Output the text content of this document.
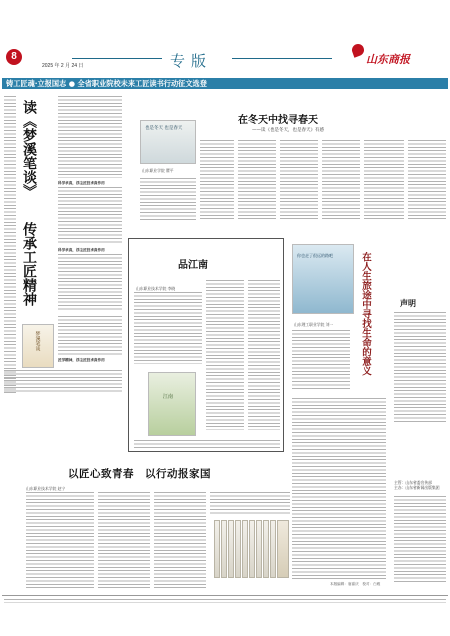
8
2025 年 2 月 24 日	专版	山东商报
铸工匠魂·立报国志 ● 全省职业院校未来工匠读书行动征文选登
读《梦溪笔谈》
传承工匠精神
科学求真，浮尘匠技求真作用
科学求真，浮尘匠技求真作用
梦溪笔谈
匠学精神，浮尘匠技求真作用
也是冬天 也是春天
山东职业学院 瞿平
在冬天中找寻春天
——读《也是冬天，也是春天》有感
品江南
山东职业技术学院 李晓
江南
你也走了很远的路吧	在人生旅途中寻找生命的意义
山东理工职业学院 刘一
声明
主管：山东省委宣传部
主办：山东省新闻出版集团
以匠心致青春　以行动报家国
山东职业技术学院 赵宁
本版编辑：唐嘉庆　校对：白雅
